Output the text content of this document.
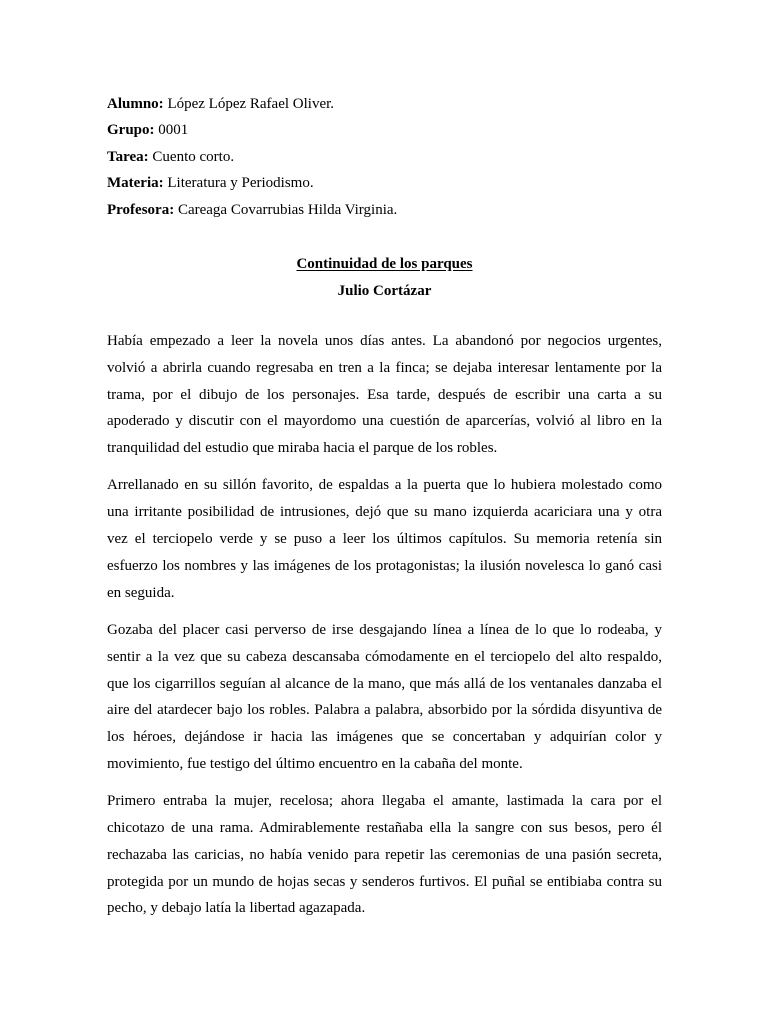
Alumno: López López Rafael Oliver.
Grupo: 0001
Tarea: Cuento corto.
Materia: Literatura y Periodismo.
Profesora: Careaga Covarrubias Hilda Virginia.
Continuidad de los parques
Julio Cortázar

Había empezado a leer la novela unos días antes. La abandonó por negocios urgentes,
volvió a abrirla cuando regresaba en tren a la finca; se dejaba interesar lentamente por la
trama, por el dibujo de los personajes. Esa tarde, después de escribir una carta a su
apoderado y discutir con el mayordomo una cuestión de aparcerías, volvió al libro en la
tranquilidad del estudio que miraba hacia el parque de los robles.

Arrellanado en su sillón favorito, de espaldas a la puerta que lo hubiera molestado como
una irritante posibilidad de intrusiones, dejó que su mano izquierda acariciara una y otra
vez el terciopelo verde y se puso a leer los últimos capítulos. Su memoria retenía sin
esfuerzo los nombres y las imágenes de los protagonistas; la ilusión novelesca lo ganó casi
en seguida.

Gozaba del placer casi perverso de irse desgajando línea a línea de lo que lo rodeaba, y
sentir a la vez que su cabeza descansaba cómodamente en el terciopelo del alto respaldo,
que los cigarrillos seguían al alcance de la mano, que más allá de los ventanales danzaba el
aire del atardecer bajo los robles. Palabra a palabra, absorbido por la sórdida disyuntiva de
los héroes, dejándose ir hacia las imágenes que se concertaban y adquirían color y
movimiento, fue testigo del último encuentro en la cabaña del monte.

Primero entraba la mujer, recelosa; ahora llegaba el amante, lastimada la cara por el
chicotazo de una rama. Admirablemente restañaba ella la sangre con sus besos, pero él
rechazaba las caricias, no había venido para repetir las ceremonias de una pasión secreta,
protegida por un mundo de hojas secas y senderos furtivos. El puñal se entibiaba contra su
pecho, y debajo latía la libertad agazapada.
